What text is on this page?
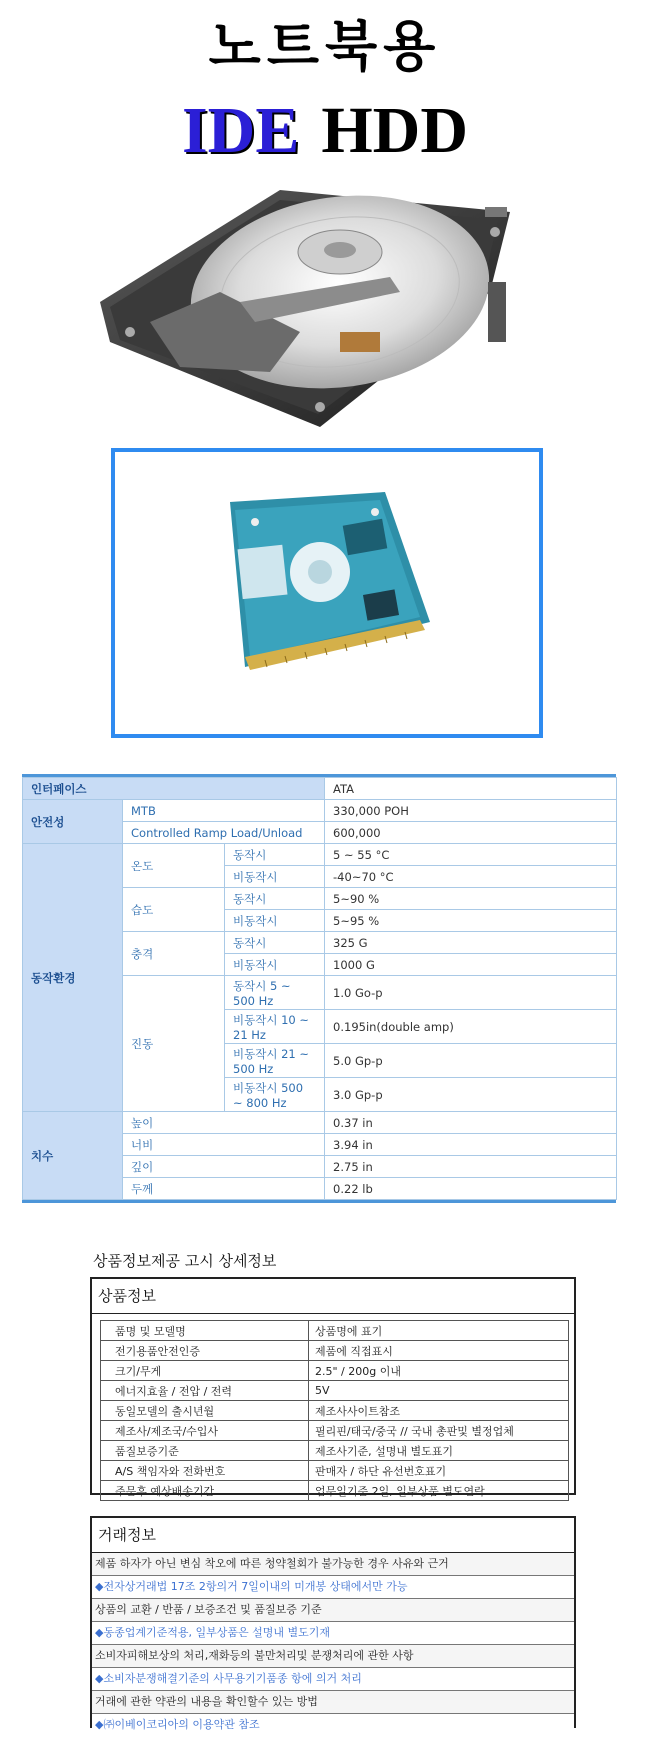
노트북용
IDE HDD
인터페이스			ATA
안전성	MTB		330,000 POH
	Controlled Ramp Load/Unload		600,000
동작환경	온도	동작시	5 ~ 55 °C
		비동작시	-40~70 °C
	습도	동작시	5~90 %
		비동작시	5~95 %
	충격	동작시	325 G
		비동작시	1000 G
	진동	동작시 5 ~ 500 Hz	1.0 Go-p
		비동작시 10 ~ 21 Hz	0.195in(double amp)
		비동작시 21 ~ 500 Hz	5.0 Gp-p
		비동작시 500 ~ 800 Hz	3.0 Gp-p
치수	높이		0.37 in
	너비		3.94 in
	깊이		2.75 in
	두께		0.22 lb
상품정보제공 고시 상세정보
상품정보
품명 및 모델명	상품명에 표기
전기용품안전인증	제품에 직접표시
크기/무게	2.5" / 200g 이내
에너지효율 / 전압 / 전력	5V
동일모델의 출시년월	제조사사이트참조
제조사/제조국/수입사	필리핀/태국/중국 // 국내 총판및 별정업체
품질보증기준	제조사기준, 설명내 별도표기
A/S 책임자와 전화번호	판매자 / 하단 유선번호표기
주문후 예상배송기간	업무일기준 2일, 일부상품 별도연락
거래정보
제품 하자가 아닌 변심 착오에 따른 청약철회가 불가능한 경우 사유와 근거
◆전자상거래법 17조 2항의거 7일이내의 미개봉 상태에서만 가능
상품의 교환 / 반품 / 보증조건 및 품질보증 기준
◆동종업계기준적용, 일부상품은 설명내 별도기재
소비자피해보상의 처리,재화등의 불만처리및 분쟁처리에 관한 사항
◆소비자분쟁해결기준의 사무용기기품종 항에 의거 처리
거래에 관한 약관의 내용을 확인할수 있는 방법
◆㈜이베이코리아의 이용약관 참조
